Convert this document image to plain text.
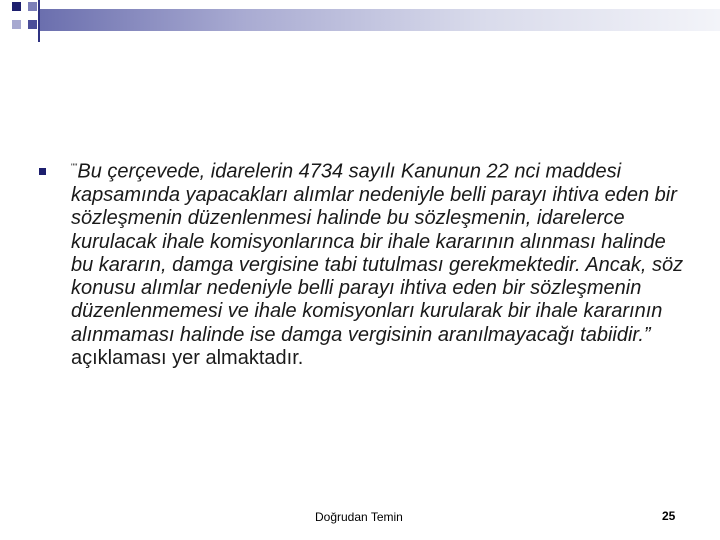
""Bu çerçevede, idarelerin 4734 sayılı Kanunun 22 nci maddesi kapsamında yapacakları alımlar nedeniyle belli parayı ihtiva eden bir sözleşmenin düzenlenmesi halinde bu sözleşmenin, idarelerce kurulacak ihale komisyonlarınca bir ihale kararının alınması halinde bu kararın, damga vergisine tabi tutulması gerekmektedir. Ancak, söz konusu alımlar nedeniyle belli parayı ihtiva eden bir sözleşmenin düzenlenmemesi ve ihale komisyonları kurularak bir ihale kararının alınmaması halinde ise damga vergisinin aranılmayacağı tabiidir.” açıklaması yer almaktadır.

Doğrudan Temin	25
